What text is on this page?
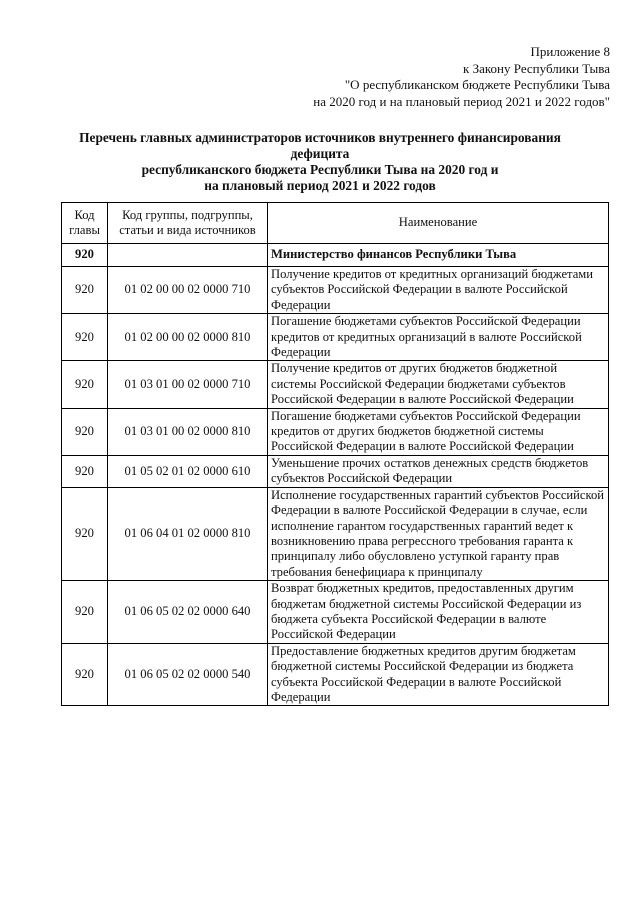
Приложение 8
к Закону Республики Тыва
"О республиканском бюджете Республики Тыва
на 2020 год и на плановый период 2021 и 2022 годов"
Перечень главных администраторов источников внутреннего финансирования дефицита
республиканского бюджета Республики Тыва на 2020 год и
на плановый период 2021 и 2022 годов
Код главы	Код группы, подгруппы, статьи и вида источников	Наименование
920		Министерство финансов Республики Тыва
920	01 02 00 00 02 0000 710	Получение кредитов от кредитных организаций бюджетами субъектов Российской Федерации в валюте Российской Федерации
920	01 02 00 00 02 0000 810	Погашение бюджетами субъектов Российской Федерации кредитов от кредитных организаций в валюте Российской Федерации
920	01 03 01 00 02 0000 710	Получение кредитов от других бюджетов бюджетной системы Российской Федерации бюджетами субъектов Российской Федерации в валюте Российской Федерации
920	01 03 01 00 02 0000 810	Погашение бюджетами субъектов Российской Федерации кредитов от других бюджетов бюджетной системы Российской Федерации в валюте Российской Федерации
920	01 05 02 01 02 0000 610	Уменьшение прочих остатков денежных средств бюджетов субъектов Российской Федерации
920	01 06 04 01 02 0000 810	Исполнение государственных гарантий субъектов Российской Федерации в валюте Российской Федерации в случае, если исполнение гарантом государственных гарантий ведет к возникновению права регрессного требования гаранта к принципалу либо обусловлено уступкой гаранту прав требования бенефициара к принципалу
920	01 06 05 02 02 0000 640	Возврат бюджетных кредитов, предоставленных другим бюджетам бюджетной системы Российской Федерации из бюджета субъекта Российской Федерации в валюте Российской Федерации
920	01 06 05 02 02 0000 540	Предоставление бюджетных кредитов другим бюджетам бюджетной системы Российской Федерации из бюджета субъекта Российской Федерации в валюте Российской Федерации
